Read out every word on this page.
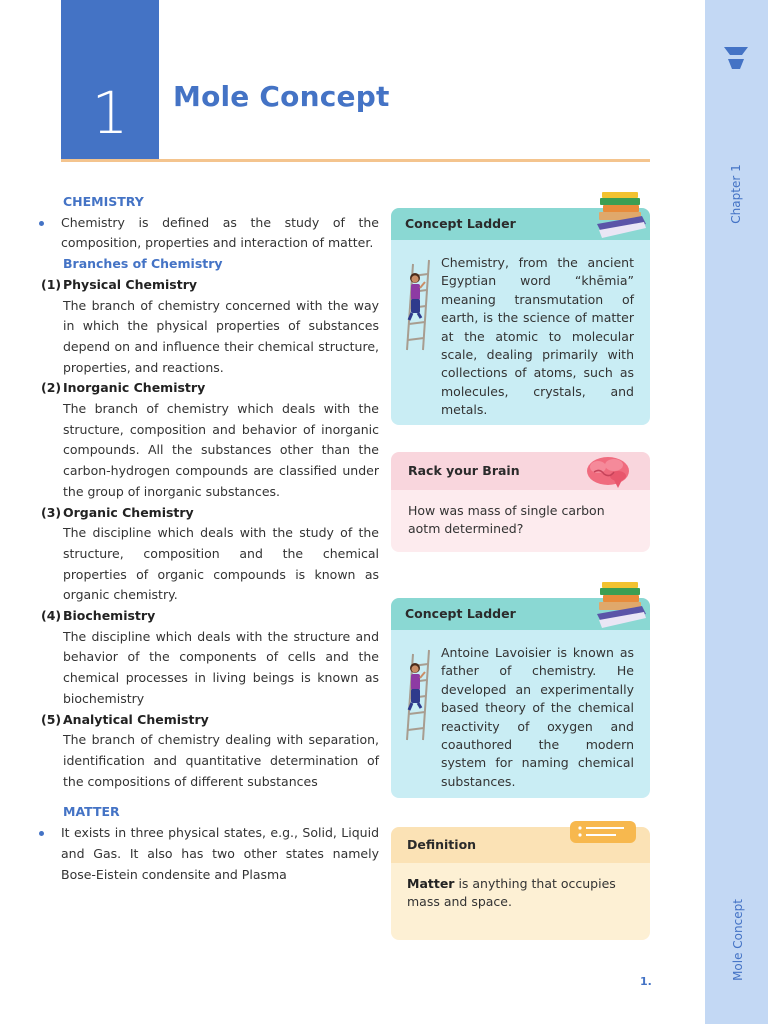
1	Mole Concept
Chapter 1
Mole Concept
CHEMISTRY
Chemistry is defined as the study of the composition, properties and interaction of matter.
Branches of Chemistry
(1) Physical Chemistry
The branch of chemistry concerned with the way in which the physical properties of substances depend on and influence their chemical structure, properties, and reactions.
(2) Inorganic Chemistry
The branch of chemistry which deals with the structure, composition and behavior of inorganic compounds. All the substances other than the carbon-hydrogen compounds are classified under the group of inorganic substances.
(3) Organic Chemistry
The discipline which deals with the study of the structure, composition and the chemical properties of organic compounds is known as organic chemistry.
(4) Biochemistry
The discipline which deals with the structure and behavior of the components of cells and the chemical processes in living beings is known as biochemistry
(5) Analytical Chemistry
The branch of chemistry dealing with separation, identification and quantitative determination of the compositions of different substances
MATTER
It exists in three physical states, e.g., Solid, Liquid and Gas. It also has two other states namely Bose-Eistein condensite and Plasma
Concept Ladder
Chemistry, from the ancient Egyptian word “khēmia” meaning transmutation of earth, is the science of matter at the atomic to molecular scale, dealing primarily with collections of atoms, such as molecules, crystals, and metals.
Rack your Brain
How was mass of single carbon aotm determined?
Concept Ladder
Antoine Lavoisier is known as father of chemistry. He developed an experimentally based theory of the chemical reactivity of oxygen and coauthored the modern system for naming chemical substances.
Definition
Matter is anything that occupies mass and space.
1.
